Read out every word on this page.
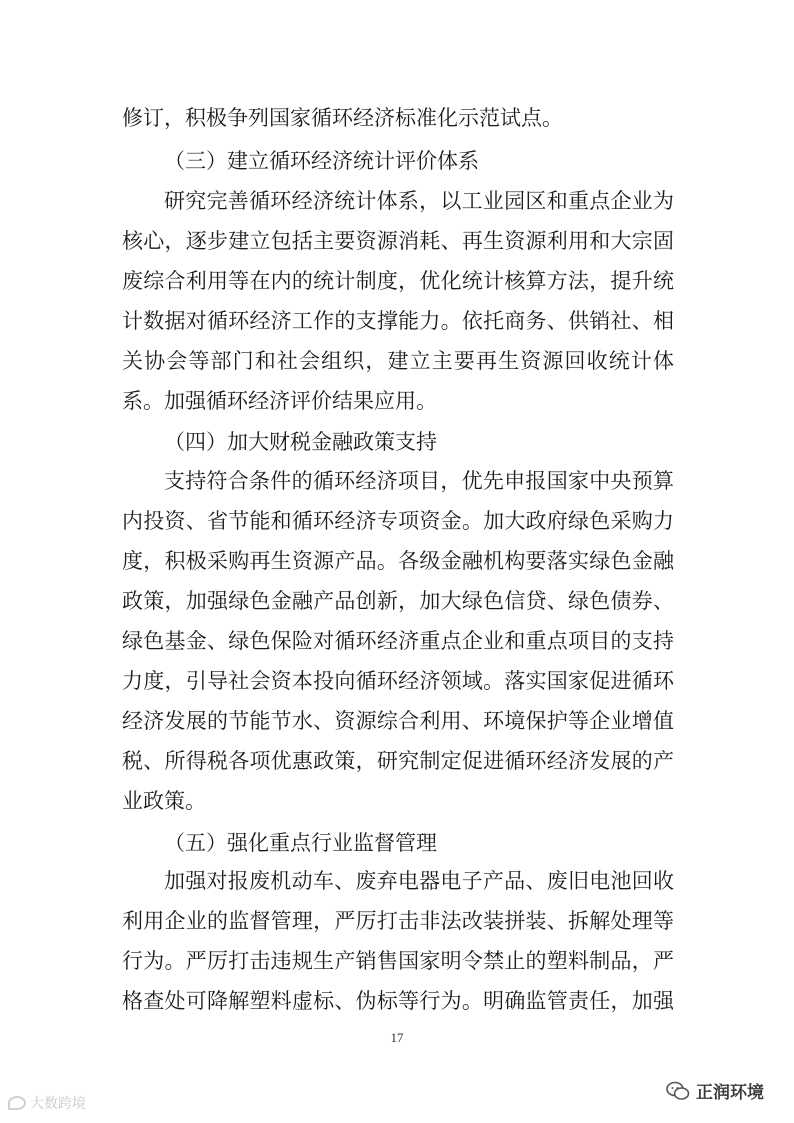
修订，积极争列国家循环经济标准化示范试点。

（三）建立循环经济统计评价体系

研究完善循环经济统计体系，以工业园区和重点企业为核心，逐步建立包括主要资源消耗、再生资源利用和大宗固废综合利用等在内的统计制度，优化统计核算方法，提升统计数据对循环经济工作的支撑能力。依托商务、供销社、相关协会等部门和社会组织，建立主要再生资源回收统计体系。加强循环经济评价结果应用。

（四）加大财税金融政策支持

支持符合条件的循环经济项目，优先申报国家中央预算内投资、省节能和循环经济专项资金。加大政府绿色采购力度，积极采购再生资源产品。各级金融机构要落实绿色金融政策，加强绿色金融产品创新，加大绿色信贷、绿色债券、绿色基金、绿色保险对循环经济重点企业和重点项目的支持力度，引导社会资本投向循环经济领域。落实国家促进循环经济发展的节能节水、资源综合利用、环境保护等企业增值税、所得税各项优惠政策，研究制定促进循环经济发展的产业政策。

（五）强化重点行业监督管理

加强对报废机动车、废弃电器电子产品、废旧电池回收利用企业的监督管理，严厉打击非法改装拼装、拆解处理等行为。严厉打击违规生产销售国家明令禁止的塑料制品，严格查处可降解塑料虚标、伪标等行为。明确监管责任，加强

17
大数跨境
正润环境
